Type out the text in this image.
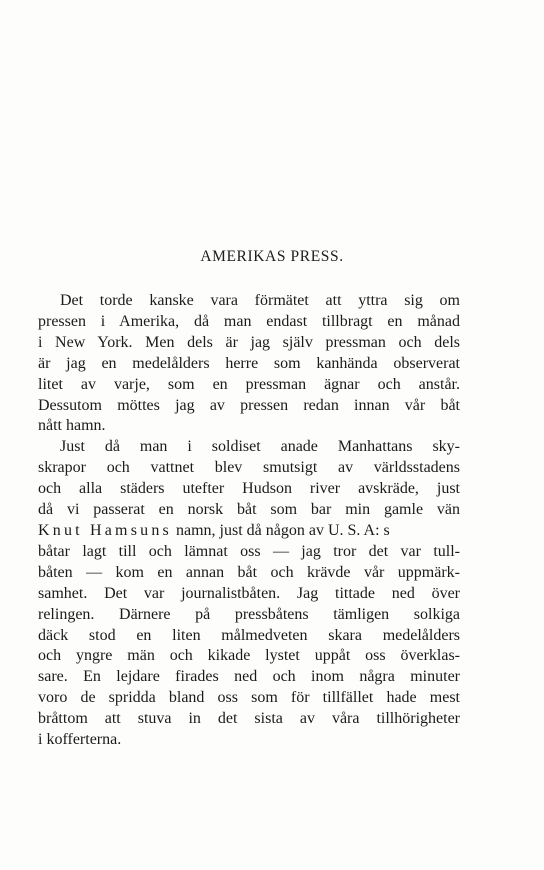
AMERIKAS PRESS.
Det torde kanske vara förmätet att yttra sig om
pressen i Amerika, då man endast tillbragt en månad
i New York. Men dels är jag själv pressman och dels
är jag en medelålders herre som kanhända observerat
litet av varje, som en pressman ägnar och anstår.
Dessutom möttes jag av pressen redan innan vår båt
nått hamn.
Just då man i soldiset anade Manhattans sky-
skrapor och vattnet blev smutsigt av världsstadens
och alla städers utefter Hudson river avskräde, just
då vi passerat en norsk båt som bar min gamle vän
Knut Hamsuns namn, just då någon av U. S. A: s
båtar lagt till och lämnat oss — jag tror det var tull-
båten — kom en annan båt och krävde vår uppmärk-
samhet. Det var journalistbåten. Jag tittade ned över
relingen. Därnere på pressbåtens tämligen solkiga
däck stod en liten målmedveten skara medelålders
och yngre män och kikade lystet uppåt oss överklas-
sare. En lejdare firades ned och inom några minuter
voro de spridda bland oss som för tillfället hade mest
bråttom att stuva in det sista av våra tillhörigheter
i kofferterna.
